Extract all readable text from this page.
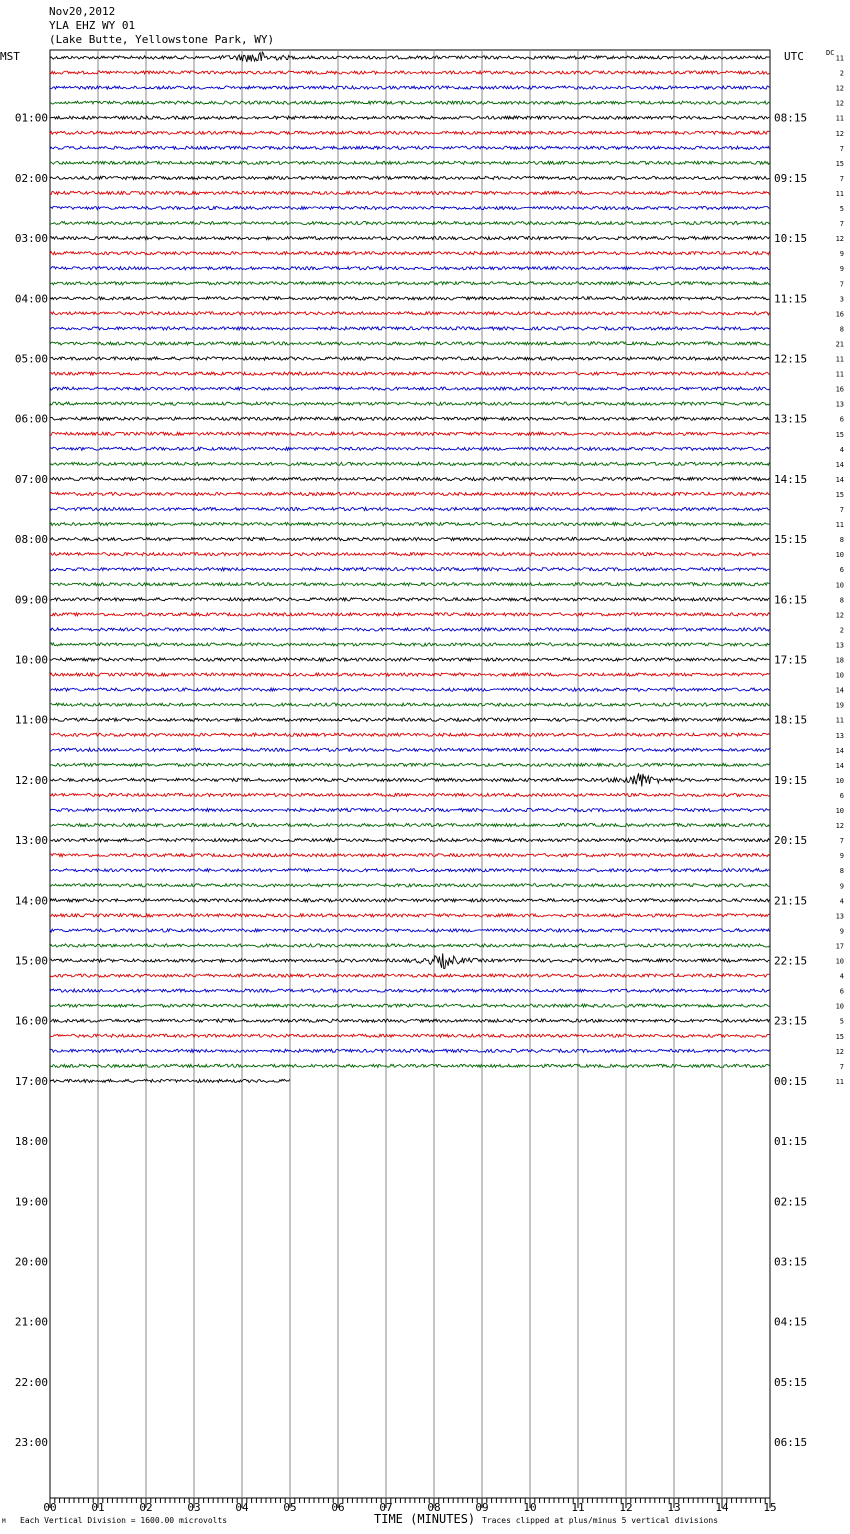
Nov20,2012
YLA EHZ WY 01
(Lake Butte, Yellowstone Park, WY)
MST	UTC	DC
11
2
12
12
11
12
7
15
7
11
5
7
12
9
9
7
3
16
8
21
11
11
16
13
6
15
4
14
14
15
7
11
8
10
6
10
8
12
2
13
18
10
14
19
11
13
14
14
10
6
10
12
7
9
8
9
4
13
9
17
10
4
6
10
5
15
12
7
11
01:00
02:00
03:00
04:00
05:00
06:00
07:00
08:00
09:00
10:00
11:00
12:00
13:00
14:00
15:00
16:00
17:00
18:00
19:00
20:00
21:00
22:00
23:00
08:15
09:15
10:15
11:15
12:15
13:15
14:15
15:15
16:15
17:15
18:15
19:15
20:15
21:15
22:15
23:15
00:15
01:15
02:15
03:15
04:15
05:15
06:15
00	01	02	03	04	05	06	07	08	09	10	11	12	13	14	15
M Each Vertical Division = 1600.00 microvolts	TIME (MINUTES) Traces clipped at plus/minus 5 vertical divisions
